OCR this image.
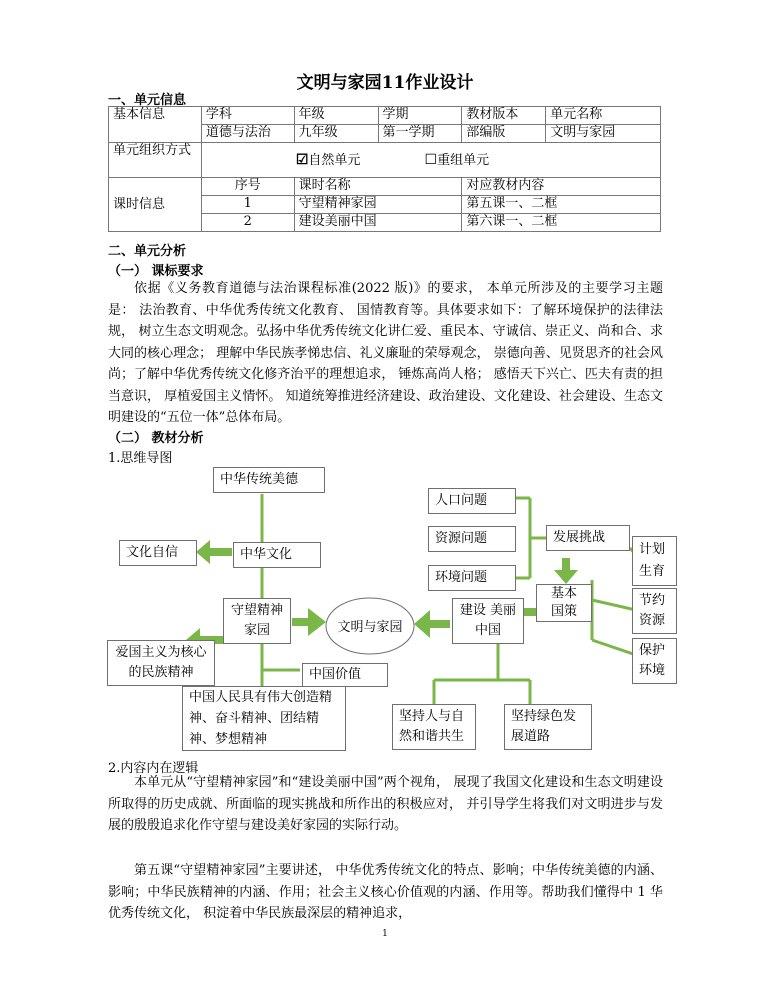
文明与家园11作业设计
一、单元信息
基本信息	学科	年级	学期	教材版本	单元名称
	道德与法治	九年级	第一学期	部编版	文明与家园
单元组织方式	☑自然单元 ☐重组单元				
课时信息	序号	课时名称		对应教材内容	
	1	守望精神家园		第五课一、二框	
	2	建设美丽中国		第六课一、二框	
二、单元分析
（一） 课标要求
依据《义务教育道德与法治课程标准(2022 版)》的要求， 本单元所涉及的主要学习主题是： 法治教育、中华优秀传统文化教育、 国情教育等。具体要求如下：了解环境保护的法律法规， 树立生态文明观念。弘扬中华优秀传统文化讲仁爱、重民本、守诚信、崇正义、尚和合、求大同的核心理念； 理解中华民族孝悌忠信、礼义廉耻的荣辱观念， 崇德向善、见贤思齐的社会风尚；了解中华优秀传统文化修齐治平的理想追求， 锤炼高尚人格； 感悟天下兴亡、匹夫有责的担当意识， 厚植爱国主义情怀。 知道统筹推进经济建设、政治建设、文化建设、社会建设、生态文明建设的“五位一体”总体布局。
（二） 教材分析
1.思维导图
中华传统美德
文化自信	中华文化
守望精神家园
爱国主义为核心的民族精神	中国价值
中国人民具有伟大创造精神、奋斗精神、团结精神、梦想精神
文明与家园
建设 美丽中国
坚持人与自然和谐共生
坚持绿色发展道路
人口问题
资源问题
环境问题
发展挑战
基本国策
计划生育
节约资源
保护环境
2.内容内在逻辑
本单元从“守望精神家园”和“建设美丽中国”两个视角， 展现了我国文化建设和生态文明建设所取得的历史成就、所面临的现实挑战和所作出的积极应对， 并引导学生将我们对文明进步与发展的殷殷追求化作守望与建设美好家园的实际行动。
第五课“守望精神家园”主要讲述， 中华优秀传统文化的特点、影响；中华传统美德的内涵、影响；中华民族精神的内涵、作用；社会主义核心价值观的内涵、作用等。帮助我们懂得中 1 华优秀传统文化， 积淀着中华民族最深层的精神追求，
1
